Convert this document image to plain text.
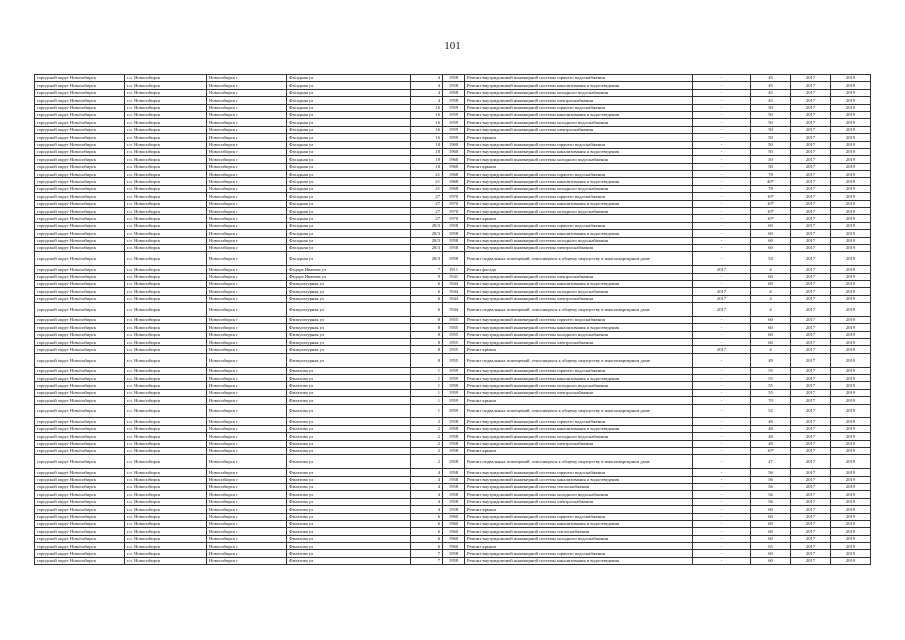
101
городской округ Новосибирск	г.о. Новосибирск	Новосибирск г	Фасадная ул	4	1958	Ремонт внутридомовой инженерной системы горячего водоснабжения	-	45	2017	2019
городской округ Новосибирск	г.о. Новосибирск	Новосибирск г	Фасадная ул	4	1958	Ремонт внутридомовой инженерной системы канализования и водоотведения	-	45	2017	2019
городской округ Новосибирск	г.о. Новосибирск	Новосибирск г	Фасадная ул	4	1958	Ремонт внутридомовой инженерной системы холодного водоснабжения	-	45	2017	2019
городской округ Новосибирск	г.о. Новосибирск	Новосибирск г	Фасадная ул	4	1958	Ремонт внутридомовой инженерной системы электроснабжения	-	45	2017	2019
городской округ Новосибирск	г.о. Новосибирск	Новосибирск г	Фасадная ул	16	1959	Ремонт внутридомовой инженерной системы горячего водоснабжения	-	50	2017	2019
городской округ Новосибирск	г.о. Новосибирск	Новосибирск г	Фасадная ул	16	1959	Ремонт внутридомовой инженерной системы канализования и водоотведения	-	50	2017	2019
городской округ Новосибирск	г.о. Новосибирск	Новосибирск г	Фасадная ул	16	1959	Ремонт внутридомовой инженерной системы холодного водоснабжения	-	50	2017	2019
городской округ Новосибирск	г.о. Новосибирск	Новосибирск г	Фасадная ул	16	1959	Ремонт внутридомовой инженерной системы электроснабжения	-	50	2017	2019
городской округ Новосибирск	г.о. Новосибирск	Новосибирск г	Фасадная ул	16	1959	Ремонт крыши	-	50	2017	2019
городской округ Новосибирск	г.о. Новосибирск	Новосибирск г	Фасадная ул	18	1960	Ремонт внутридомовой инженерной системы горячего водоснабжения	-	50	2017	2019
городской округ Новосибирск	г.о. Новосибирск	Новосибирск г	Фасадная ул	18	1960	Ремонт внутридомовой инженерной системы канализования и водоотведения	-	50	2017	2019
городской округ Новосибирск	г.о. Новосибирск	Новосибирск г	Фасадная ул	18	1960	Ремонт внутридомовой инженерной системы холодного водоснабжения	-	50	2017	2019
городской округ Новосибирск	г.о. Новосибирск	Новосибирск г	Фасадная ул	18	1960	Ремонт крыши	-	50	2017	2019
городской округ Новосибирск	г.о. Новосибирск	Новосибирск г	Фасадная ул	21	1968	Ремонт внутридомовой инженерной системы горячего водоснабжения	-	78	2017	2019
городской округ Новосибирск	г.о. Новосибирск	Новосибирск г	Фасадная ул	21	1968	Ремонт внутридомовой инженерной системы канализования и водоотведения	-	40*	2017	2019
городской округ Новосибирск	г.о. Новосибирск	Новосибирск г	Фасадная ул	21	1968	Ремонт внутридомовой инженерной системы холодного водоснабжения	-	78	2017	2019
городской округ Новосибирск	г.о. Новосибирск	Новосибирск г	Фасадная ул	27	1970	Ремонт внутридомовой инженерной системы горячего водоснабжения	-	10*	2017	2019
городской округ Новосибирск	г.о. Новосибирск	Новосибирск г	Фасадная ул	27	1970	Ремонт внутридомовой инженерной системы канализования и водоотведения	-	10*	2017	2019
городской округ Новосибирск	г.о. Новосибирск	Новосибирск г	Фасадная ул	27	1970	Ремонт внутридомовой инженерной системы холодного водоснабжения	-	10*	2017	2019
городской округ Новосибирск	г.о. Новосибирск	Новосибирск г	Фасадная ул	27	1970	Ремонт крыши	-	10*	2017	2019
городской округ Новосибирск	г.о. Новосибирск	Новосибирск г	Фасадная ул	28/3	1958	Ремонт внутридомовой инженерной системы горячего водоснабжения	-	60	2017	2019
городской округ Новосибирск	г.о. Новосибирск	Новосибирск г	Фасадная ул	28/3	1958	Ремонт внутридомовой инженерной системы канализования и водоотведения	-	60	2017	2019
городской округ Новосибирск	г.о. Новосибирск	Новосибирск г	Фасадная ул	28/3	1958	Ремонт внутридомовой инженерной системы холодного водоснабжения	-	60	2017	2019
городской округ Новосибирск	г.о. Новосибирск	Новосибирск г	Фасадная ул	28/3	1958	Ремонт внутридомовой инженерной системы электроснабжения	-	60	2017	2019
городской округ Новосибирск	г.о. Новосибирск	Новосибирск г	Фасадная ул	28/3	1958	Ремонт подвальных помещений, относящихся к общему имуществу в многоквартирном доме	-	54	2017	2019
городской округ Новосибирск	г.о. Новосибирск	Новосибирск г	Федора Ивачева ул	7	1911	Ремонт фасада	2017	4	2017	2019
городской округ Новосибирск	г.о. Новосибирск	Новосибирск г	Федора Ивачева ул	9	1941	Ремонт внутридомовой инженерной системы электроснабжения	-	60	2017	2019
городской округ Новосибирск	г.о. Новосибирск	Новосибирск г	Физкультурная ул	6	1944	Ремонт внутридомовой инженерной системы канализования и водоотведения	-	60	2017	2019
городской округ Новосибирск	г.о. Новосибирск	Новосибирск г	Физкультурная ул	6	1944	Ремонт внутридомовой инженерной системы холодного водоснабжения	2017	4	2017	2019
городской округ Новосибирск	г.о. Новосибирск	Новосибирск г	Физкультурная ул	6	1944	Ремонт внутридомовой инженерной системы электроснабжения	2017	4	2017	2019
городской округ Новосибирск	г.о. Новосибирск	Новосибирск г	Физкультурная ул	6	1944	Ремонт подвальных помещений, относящихся к общему имуществу в многоквартирном доме	2017	4	2017	2019
городской округ Новосибирск	г.о. Новосибирск	Новосибирск г	Физкультурная ул	8	1955	Ремонт внутридомовой инженерной системы горячего водоснабжения	-	60	2017	2019
городской округ Новосибирск	г.о. Новосибирск	Новосибирск г	Физкультурная ул	8	1955	Ремонт внутридомовой инженерной системы канализования и водоотведения	-	60	2017	2019
городской округ Новосибирск	г.о. Новосибирск	Новосибирск г	Физкультурная ул	8	1955	Ремонт внутридомовой инженерной системы холодного водоснабжения	-	60	2017	2019
городской округ Новосибирск	г.о. Новосибирск	Новосибирск г	Физкультурная ул	8	1955	Ремонт внутридомовой инженерной системы электроснабжения	-	60	2017	2019
городской округ Новосибирск	г.о. Новосибирск	Новосибирск г	Физкультурная ул	8	1955	Ремонт крыши	2017	4	2017	2019
городской округ Новосибирск	г.о. Новосибирск	Новосибирск г	Физкультурная ул	8	1955	Ремонт подвальных помещений, относящихся к общему имуществу в многоквартирном доме	-	49	2017	2019
городской округ Новосибирск	г.о. Новосибирск	Новосибирск г	Филатова ул	1	1959	Ремонт внутридомовой инженерной системы горячего водоснабжения	-	55	2017	2019
городской округ Новосибирск	г.о. Новосибирск	Новосибирск г	Филатова ул	1	1959	Ремонт внутридомовой инженерной системы канализования и водоотведения	-	55	2017	2019
городской округ Новосибирск	г.о. Новосибирск	Новосибирск г	Филатова ул	1	1959	Ремонт внутридомовой инженерной системы холодного водоснабжения	-	55	2017	2019
городской округ Новосибирск	г.о. Новосибирск	Новосибирск г	Филатова ул	1	1959	Ремонт внутридомовой инженерной системы электроснабжения	-	55	2017	2019
городской округ Новосибирск	г.о. Новосибирск	Новосибирск г	Филатова ул	1	1959	Ремонт крыши	-	70	2017	2019
городской округ Новосибирск	г.о. Новосибирск	Новосибирск г	Филатова ул	1	1959	Ремонт подвальных помещений, относящихся к общему имуществу в многоквартирном доме	-	52	2017	2019
городской округ Новосибирск	г.о. Новосибирск	Новосибирск г	Филатова ул	2	1958	Ремонт внутридомовой инженерной системы горячего водоснабжения	-	48	2017	2019
городской округ Новосибирск	г.о. Новосибирск	Новосибирск г	Филатова ул	2	1958	Ремонт внутридомовой инженерной системы канализования и водоотведения	-	48	2017	2019
городской округ Новосибирск	г.о. Новосибирск	Новосибирск г	Филатова ул	2	1958	Ремонт внутридомовой инженерной системы холодного водоснабжения	-	48	2017	2019
городской округ Новосибирск	г.о. Новосибирск	Новосибирск г	Филатова ул	2	1958	Ремонт внутридомовой инженерной системы электроснабжения	-	48	2017	2019
городской округ Новосибирск	г.о. Новосибирск	Новосибирск г	Филатова ул	2	1958	Ремонт крыши	-	10*	2017	2019
городской округ Новосибирск	г.о. Новосибирск	Новосибирск г	Филатова ул	2	1958	Ремонт подвальных помещений, относящихся к общему имуществу в многоквартирном доме	-	47	2017	2019
городской округ Новосибирск	г.о. Новосибирск	Новосибирск г	Филатова ул	4	1958	Ремонт внутридомовой инженерной системы горячего водоснабжения	-	56	2017	2019
городской округ Новосибирск	г.о. Новосибирск	Новосибирск г	Филатова ул	4	1958	Ремонт внутридомовой инженерной системы канализования и водоотведения	-	56	2017	2019
городской округ Новосибирск	г.о. Новосибирск	Новосибирск г	Филатова ул	4	1958	Ремонт внутридомовой инженерной системы теплоснабжения	-	56	2017	2019
городской округ Новосибирск	г.о. Новосибирск	Новосибирск г	Филатова ул	4	1958	Ремонт внутридомовой инженерной системы холодного водоснабжения	-	56	2017	2019
городской округ Новосибирск	г.о. Новосибирск	Новосибирск г	Филатова ул	4	1958	Ремонт внутридомовой инженерной системы электроснабжения	-	56	2017	2019
городской округ Новосибирск	г.о. Новосибирск	Новосибирск г	Филатова ул	4	1958	Ремонт крыши	-	60	2017	2019
городской округ Новосибирск	г.о. Новосибирск	Новосибирск г	Филатова ул	6	1960	Ремонт внутридомовой инженерной системы горячего водоснабжения	-	60	2017	2019
городской округ Новосибирск	г.о. Новосибирск	Новосибирск г	Филатова ул	6	1960	Ремонт внутридомовой инженерной системы канализования и водоотведения	-	60	2017	2019
городской округ Новосибирск	г.о. Новосибирск	Новосибирск г	Филатова ул	6	1960	Ремонт внутридомовой инженерной системы теплоснабжения	-	60	2017	2019
городской округ Новосибирск	г.о. Новосибирск	Новосибирск г	Филатова ул	6	1960	Ремонт внутридомовой инженерной системы холодного водоснабжения	-	60	2017	2019
городской округ Новосибирск	г.о. Новосибирск	Новосибирск г	Филатова ул	6	1960	Ремонт крыши	-	65	2017	2019
городской округ Новосибирск	г.о. Новосибирск	Новосибирск г	Филатова ул	7	1958	Ремонт внутридомовой инженерной системы горячего водоснабжения	-	60	2017	2019
городской округ Новосибирск	г.о. Новосибирск	Новосибирск г	Филатова ул	7	1958	Ремонт внутридомовой инженерной системы канализования и водоотведения	-	60	2017	2019
